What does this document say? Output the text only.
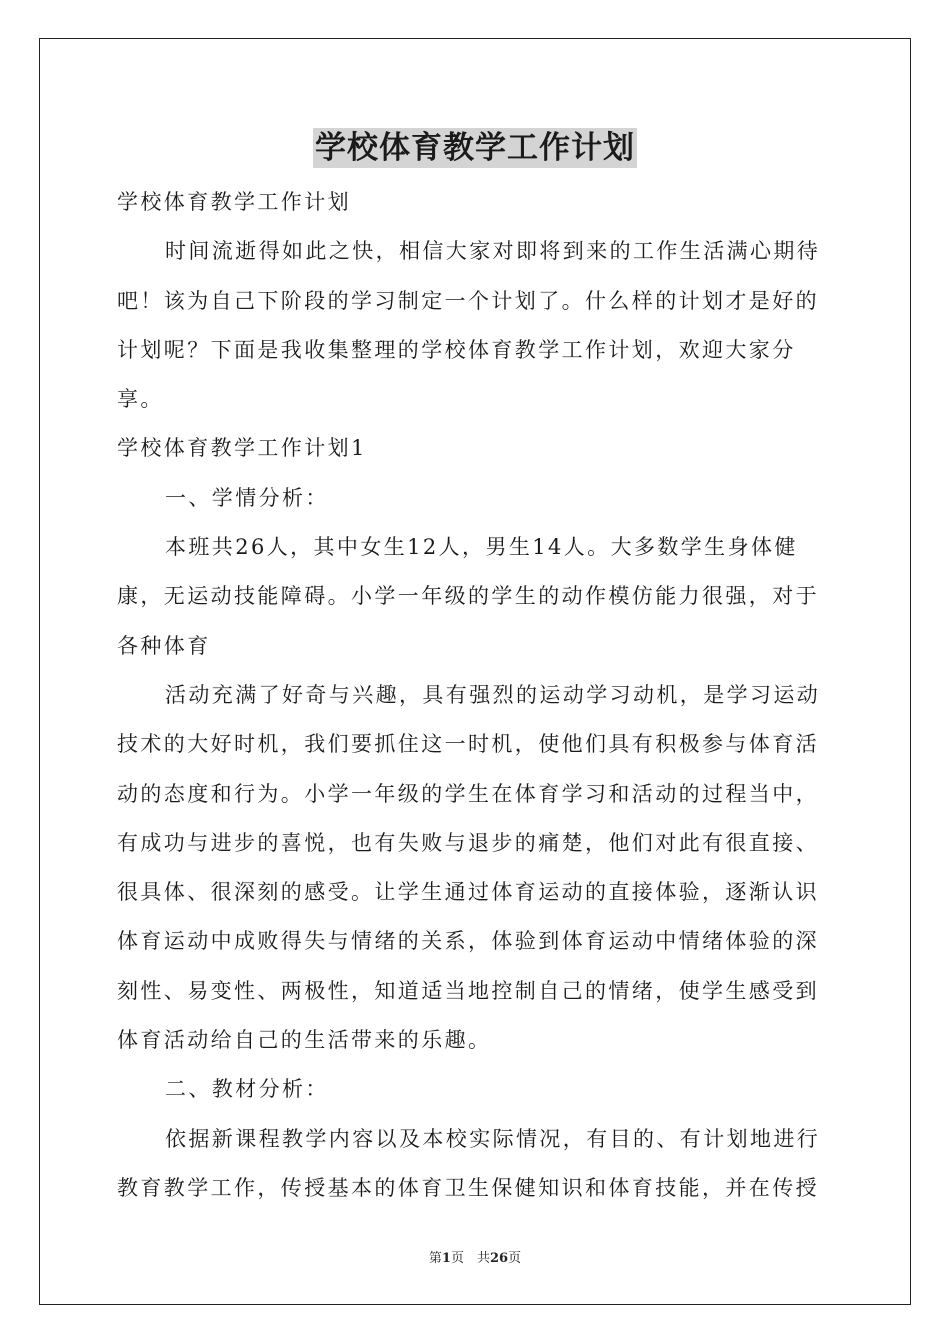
学校体育教学工作计划

学校体育教学工作计划

时间流逝得如此之快，相信大家对即将到来的工作生活满心期待吧！该为自己下阶段的学习制定一个计划了。什么样的计划才是好的计划呢？下面是我收集整理的学校体育教学工作计划，欢迎大家分享。

学校体育教学工作计划1

一、学情分析：

本班共26人，其中女生12人，男生14人。大多数学生身体健康，无运动技能障碍。小学一年级的学生的动作模仿能力很强，对于各种体育

活动充满了好奇与兴趣，具有强烈的运动学习动机，是学习运动技术的大好时机，我们要抓住这一时机，使他们具有积极参与体育活动的态度和行为。小学一年级的学生在体育学习和活动的过程当中，有成功与进步的喜悦，也有失败与退步的痛楚，他们对此有很直接、很具体、很深刻的感受。让学生通过体育运动的直接体验，逐渐认识体育运动中成败得失与情绪的关系，体验到体育运动中情绪体验的深刻性、易变性、两极性，知道适当地控制自己的情绪，使学生感受到体育活动给自己的生活带来的乐趣。

二、教材分析：

依据新课程教学内容以及本校实际情况，有目的、有计划地进行教育教学工作，传授基本的体育卫生保健知识和体育技能，并在传授

第1页　共26页
